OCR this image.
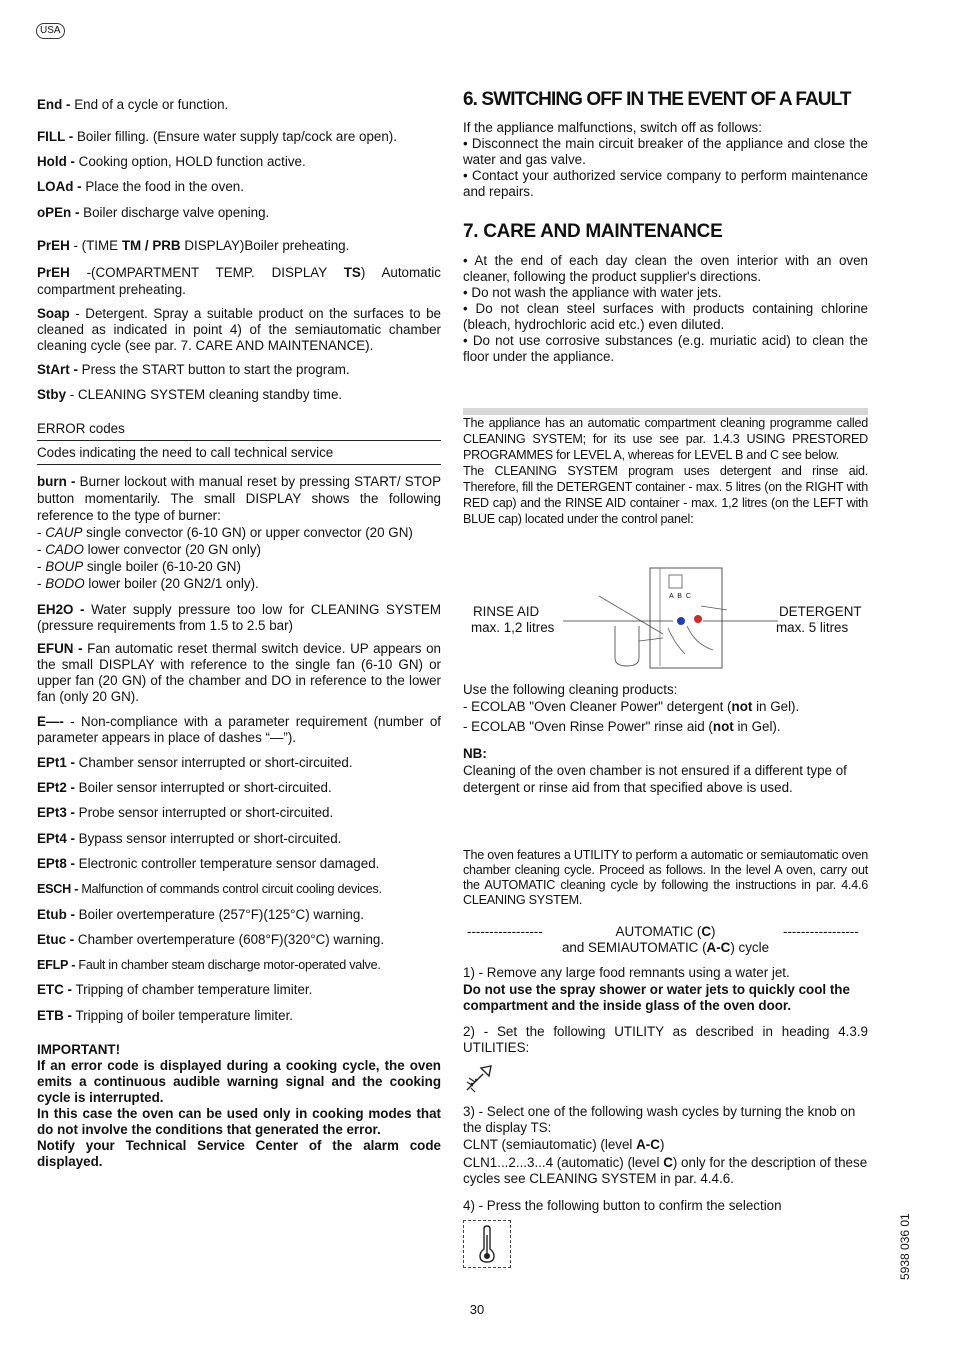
USA

End - End of a cycle or function.

FILL - Boiler filling. (Ensure water supply tap/cock are open).

Hold - Cooking option, HOLD function active.

LOAd - Place the food in the oven.

oPEn - Boiler discharge valve opening.

PrEH - (TIME TM / PRB DISPLAY)Boiler preheating.

PrEH -(COMPARTMENT TEMP. DISPLAY TS) Automatic compartment preheating.

Soap - Detergent. Spray a suitable product on the surfaces to be cleaned as indicated in point 4) of the semiautomatic chamber cleaning cycle (see par. 7. CARE AND MAINTENANCE).

StArt - Press the START button to start the program.

Stby - CLEANING SYSTEM cleaning standby time.

ERROR codes

Codes indicating the need to call technical service

burn - Burner lockout with manual reset by pressing START/ STOP button momentarily. The small DISPLAY shows the following reference to the type of burner:

- CAUP single convector (6-10 GN) or upper convector (20 GN)

- CADO lower convector (20 GN only)

- BOUP single boiler (6-10-20 GN)

- BODO lower boiler (20 GN2/1 only).

EH2O - Water supply pressure too low for CLEANING SYSTEM (pressure requirements from 1.5 to 2.5 bar)

EFUN - Fan automatic reset thermal switch device. UP appears on the small DISPLAY with reference to the single fan (6-10 GN) or upper fan (20 GN) of the chamber and DO in reference to the lower fan (only 20 GN).

E—- - Non-compliance with a parameter requirement (number of parameter appears in place of dashes “—”).

EPt1 - Chamber sensor interrupted or short-circuited.

EPt2 - Boiler sensor interrupted or short-circuited.

EPt3 - Probe sensor interrupted or short-circuited.

EPt4 - Bypass sensor interrupted or short-circuited.

EPt8 - Electronic controller temperature sensor damaged.

ESCH - Malfunction of commands control circuit cooling devices.

Etub - Boiler overtemperature (257°F)(125°C) warning.

Etuc - Chamber overtemperature (608°F)(320°C) warning.

EFLP - Fault in chamber steam discharge motor-operated valve.

ETC - Tripping of chamber temperature limiter.

ETB - Tripping of boiler temperature limiter.

IMPORTANT!

If an error code is displayed during a cooking cycle, the oven emits a continuous audible warning signal and the cooking cycle is interrupted.

In this case the oven can be used only in cooking modes that do not involve the conditions that generated the error.

Notify your Technical Service Center of the alarm code displayed.

6. SWITCHING OFF IN THE EVENT OF A FAULT

If the appliance malfunctions, switch off as follows:

• Disconnect the main circuit breaker of the appliance and close the water and gas valve.

• Contact your authorized service company to perform maintenance and repairs.

7. CARE AND MAINTENANCE

• At the end of each day clean the oven interior with an oven cleaner, following the product supplier's directions.

• Do not wash the appliance with water jets.

• Do not clean steel surfaces with products containing chlorine (bleach, hydrochloric acid etc.) even diluted.

• Do not use corrosive substances (e.g. muriatic acid) to clean the floor under the appliance.

The appliance has an automatic compartment cleaning programme called CLEANING SYSTEM; for its use see par. 1.4.3 USING PRESTORED PROGRAMMES for LEVEL A, whereas for LEVEL B and C see below.

The CLEANING SYSTEM program uses detergent and rinse aid. Therefore, fill the DETERGENT container - max. 5 litres (on the RIGHT with RED cap) and the RINSE AID container - max. 1,2 litres (on the LEFT with BLUE cap) located under the control panel:

A B C
RINSE AID
max. 1,2 litres
DETERGENT
max. 5 litres

Use the following cleaning products:

- ECOLAB "Oven Cleaner Power" detergent (not in Gel).

- ECOLAB "Oven Rinse Power" rinse aid (not in Gel).

NB:

Cleaning of the oven chamber is not ensured if a different type of detergent or rinse aid from that specified above is used.

The oven features a UTILITY to perform a automatic or semiautomatic oven chamber cleaning cycle. Proceed as follows. In the level A oven, carry out the AUTOMATIC cleaning cycle by following the instructions in par. 4.4.6 CLEANING SYSTEM.

-----------------	-----------------

AUTOMATIC (C)

and SEMIAUTOMATIC (A-C) cycle

1) - Remove any large food remnants using a water jet.

Do not use the spray shower or water jets to quickly cool the compartment and the inside glass of the oven door.

2) - Set the following UTILITY as described in heading 4.3.9 UTILITIES:

3) - Select one of the following wash cycles by turning the knob on the display TS:

CLNT (semiautomatic) (level A-C)

CLN1...2...3...4 (automatic) (level C) only for the description of these cycles see CLEANING SYSTEM in par. 4.4.6.

4) - Press the following button to confirm the selection

30
5938 036 01
